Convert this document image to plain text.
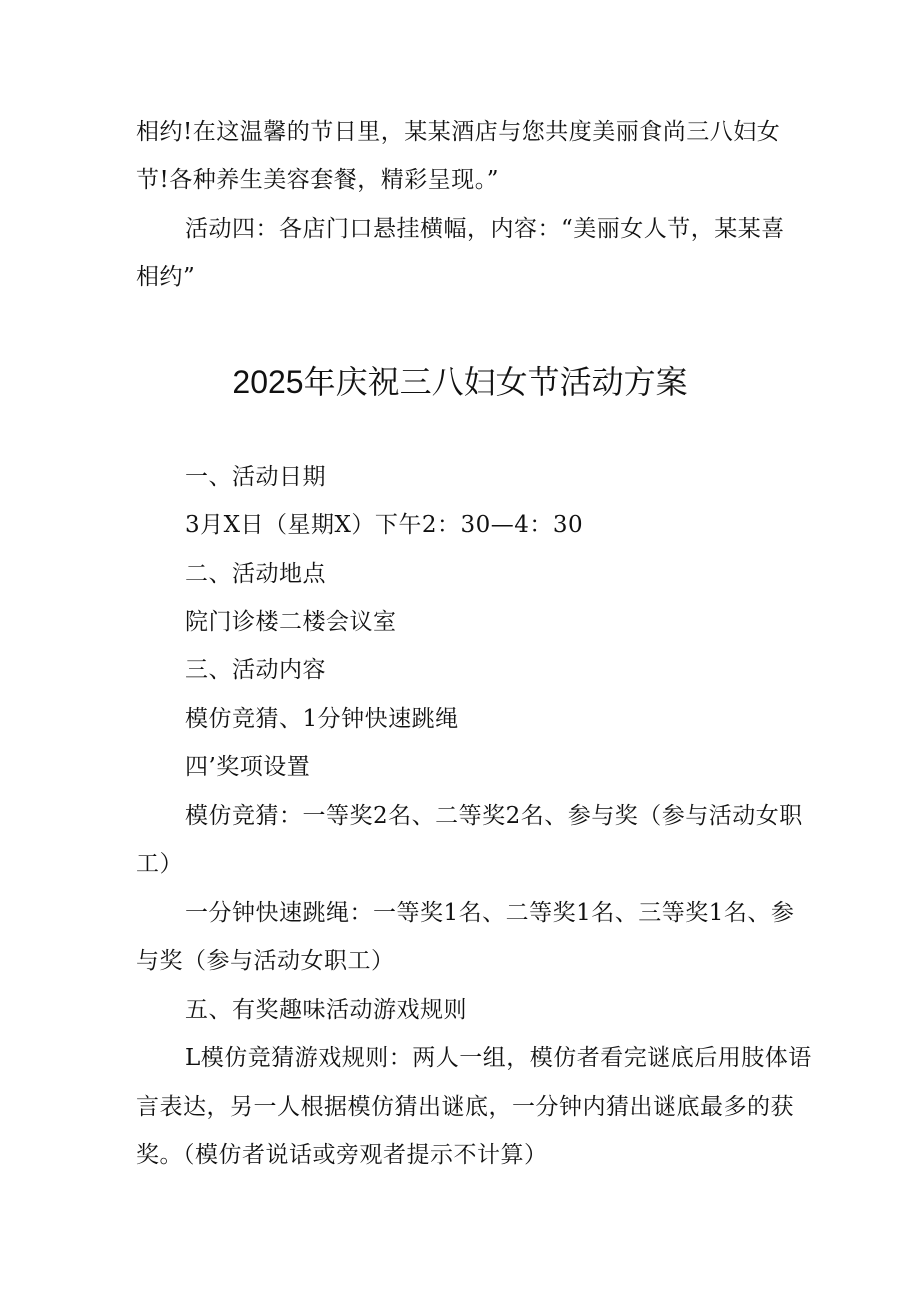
相约!在这温馨的节日里，某某酒店与您共度美丽食尚三八妇女
节!各种养生美容套餐，精彩呈现。”
活动四：各店门口悬挂横幅，内容：“美丽女人节，某某喜
相约”
2025年庆祝三八妇女节活动方案
一、活动日期
3月X日（星期X）下午2：30—4：30
二、活动地点
院门诊楼二楼会议室
三、活动内容
模仿竞猜、1分钟快速跳绳
四’奖项设置
模仿竞猜：一等奖2名、二等奖2名、参与奖（参与活动女职
工）
一分钟快速跳绳：一等奖1名、二等奖1名、三等奖1名、参
与奖（参与活动女职工）
五、有奖趣味活动游戏规则
L模仿竞猜游戏规则：两人一组，模仿者看完谜底后用肢体语
言表达，另一人根据模仿猜出谜底，一分钟内猜出谜底最多的获
奖。（模仿者说话或旁观者提示不计算）
